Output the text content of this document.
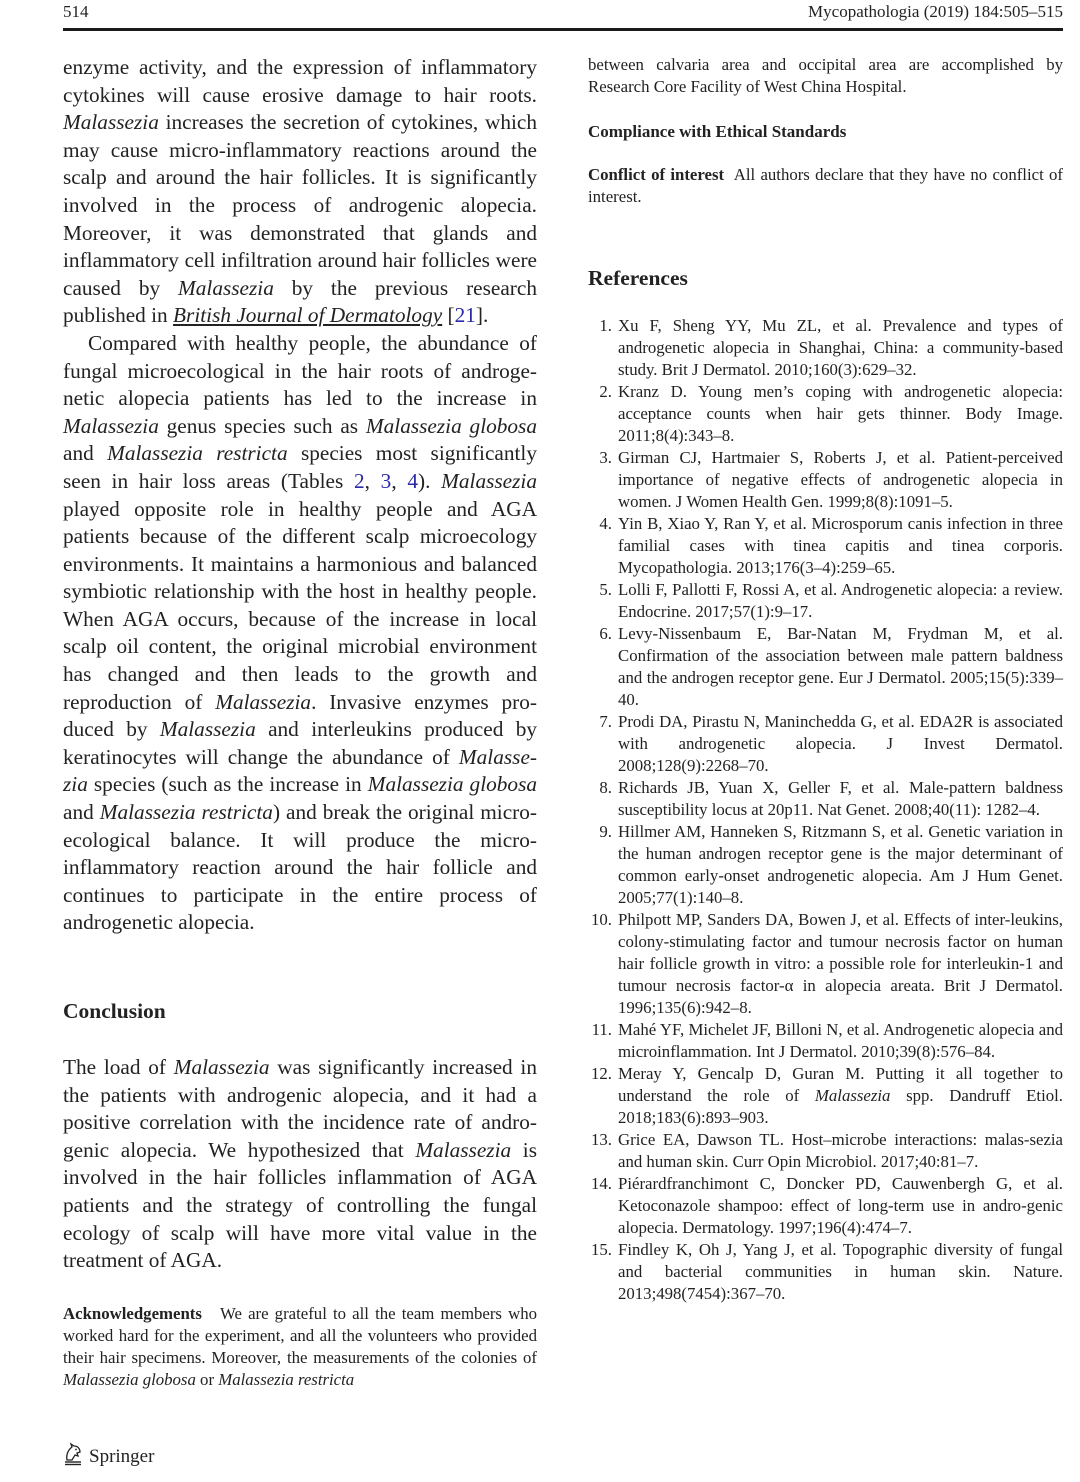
514	Mycopathologia (2019) 184:505–515

enzyme activity, and the expression of inflammatory cytokines will cause erosive damage to hair roots. Malassezia increases the secretion of cytokines, which may cause micro-inflammatory reactions around the scalp and around the hair follicles. It is significantly involved in the process of androgenic alopecia. Moreover, it was demonstrated that glands and inflammatory cell infiltration around hair follicles were caused by Malassezia by the previous research published in British Journal of Dermatology [21].

Compared with healthy people, the abundance of fungal microecological in the hair roots of androge-netic alopecia patients has led to the increase in Malassezia genus species such as Malassezia globosa and Malassezia restricta species most significantly seen in hair loss areas (Tables 2, 3, 4). Malassezia played opposite role in healthy people and AGA patients because of the different scalp microecology environments. It maintains a harmonious and balanced symbiotic relationship with the host in healthy people. When AGA occurs, because of the increase in local scalp oil content, the original microbial environment has changed and then leads to the growth and reproduction of Malassezia. Invasive enzymes pro-duced by Malassezia and interleukins produced by keratinocytes will change the abundance of Malasse-zia species (such as the increase in Malassezia globosa and Malassezia restricta) and break the original micro-ecological balance. It will produce the micro-inflammatory reaction around the hair follicle and continues to participate in the entire process of androgenetic alopecia.

Conclusion

The load of Malassezia was significantly increased in the patients with androgenic alopecia, and it had a positive correlation with the incidence rate of andro-genic alopecia. We hypothesized that Malassezia is involved in the hair follicles inflammation of AGA patients and the strategy of controlling the fungal ecology of scalp will have more vital value in the treatment of AGA.

Acknowledgements   We are grateful to all the team members who worked hard for the experiment, and all the volunteers who provided their hair specimens. Moreover, the measurements of the colonies of Malassezia globosa or Malassezia restricta

between calvaria area and occipital area are accomplished by Research Core Facility of West China Hospital.

Compliance with Ethical Standards

Conflict of interest  All authors declare that they have no conflict of interest.

References
1. Xu F, Sheng YY, Mu ZL, et al. Prevalence and types of androgenetic alopecia in Shanghai, China: a community-based study. Brit J Dermatol. 2010;160(3):629–32.
2. Kranz D. Young men’s coping with androgenetic alopecia: acceptance counts when hair gets thinner. Body Image. 2011;8(4):343–8.
3. Girman CJ, Hartmaier S, Roberts J, et al. Patient-perceived importance of negative effects of androgenetic alopecia in women. J Women Health Gen. 1999;8(8):1091–5.
4. Yin B, Xiao Y, Ran Y, et al. Microsporum canis infection in three familial cases with tinea capitis and tinea corporis. Mycopathologia. 2013;176(3–4):259–65.
5. Lolli F, Pallotti F, Rossi A, et al. Androgenetic alopecia: a review. Endocrine. 2017;57(1):9–17.
6. Levy-Nissenbaum E, Bar-Natan M, Frydman M, et al. Confirmation of the association between male pattern baldness and the androgen receptor gene. Eur J Dermatol. 2005;15(5):339–40.
7. Prodi DA, Pirastu N, Maninchedda G, et al. EDA2R is associated with androgenetic alopecia. J Invest Dermatol. 2008;128(9):2268–70.
8. Richards JB, Yuan X, Geller F, et al. Male-pattern baldness susceptibility locus at 20p11. Nat Genet. 2008;40(11): 1282–4.
9. Hillmer AM, Hanneken S, Ritzmann S, et al. Genetic variation in the human androgen receptor gene is the major determinant of common early-onset androgenetic alopecia. Am J Hum Genet. 2005;77(1):140–8.
10. Philpott MP, Sanders DA, Bowen J, et al. Effects of inter-leukins, colony-stimulating factor and tumour necrosis factor on human hair follicle growth in vitro: a possible role for interleukin-1 and tumour necrosis factor-α in alopecia areata. Brit J Dermatol. 1996;135(6):942–8.
11. Mahé YF, Michelet JF, Billoni N, et al. Androgenetic alopecia and microinflammation. Int J Dermatol. 2010;39(8):576–84.
12. Meray Y, Gencalp D, Guran M. Putting it all together to understand the role of Malassezia spp. Dandruff Etiol. 2018;183(6):893–903.
13. Grice EA, Dawson TL. Host–microbe interactions: malas-sezia and human skin. Curr Opin Microbiol. 2017;40:81–7.
14. Piérardfranchimont C, Doncker PD, Cauwenbergh G, et al. Ketoconazole shampoo: effect of long-term use in andro-genic alopecia. Dermatology. 1997;196(4):474–7.
15. Findley K, Oh J, Yang J, et al. Topographic diversity of fungal and bacterial communities in human skin. Nature. 2013;498(7454):367–70.
Springer
